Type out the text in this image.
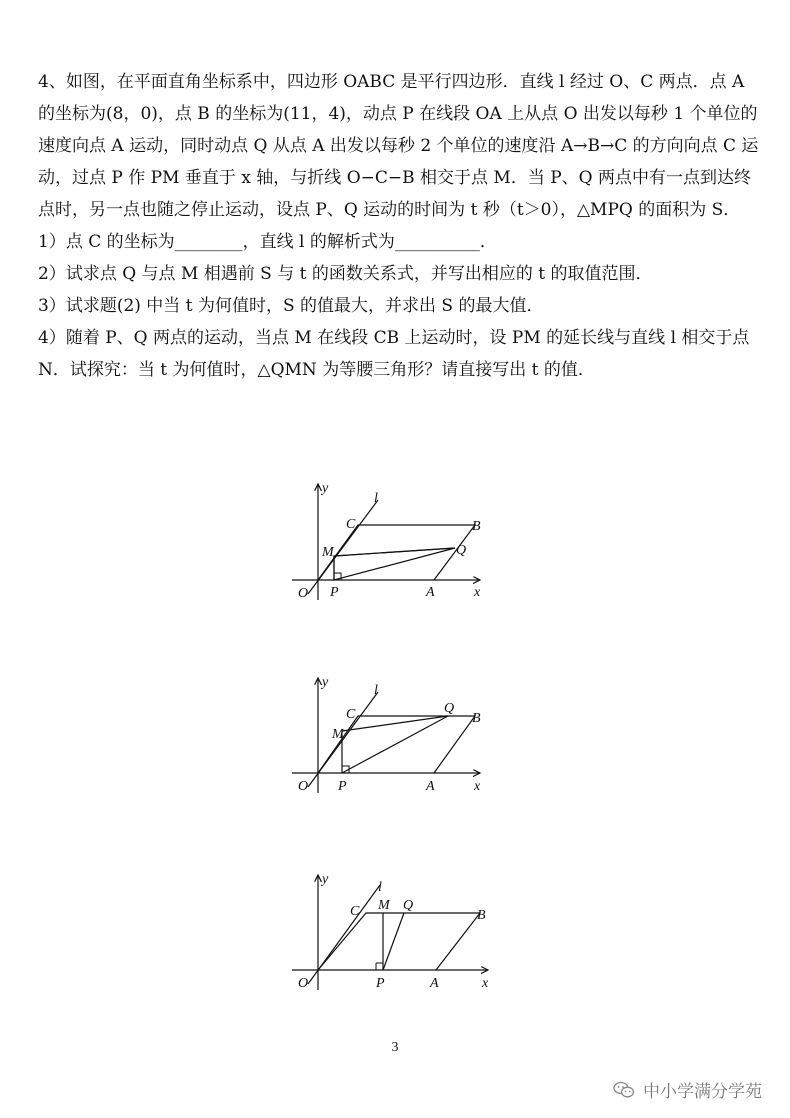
4、如图，在平面直角坐标系中，四边形 OABC 是平行四边形．直线 l 经过 O、C 两点．点 A 的坐标为(8，0)，点 B 的坐标为(11，4)，动点 P 在线段 OA 上从点 O 出发以每秒 1 个单位的速度向点 A 运动，同时动点 Q 从点 A 出发以每秒 2 个单位的速度沿 A→B→C 的方向向点 C 运动，过点 P 作 PM 垂直于 x 轴，与折线 O−C−B 相交于点 M．当 P、Q 两点中有一点到达终点时，另一点也随之停止运动，设点 P、Q 运动的时间为 t 秒（t＞0），△MPQ 的面积为 S．

1）点 C 的坐标为________，直线 l 的解析式为__________．

2）试求点 Q 与点 M 相遇前 S 与 t 的函数关系式，并写出相应的 t 的取值范围．

3）试求题(2) 中当 t 为何值时，S 的值最大，并求出 S 的最大值．

4）随着 P、Q 两点的运动，当点 M 在线段 CB 上运动时，设 PM 的延长线与直线 l 相交于点 N．试探究：当 t 为何值时，△QMN 为等腰三角形？请直接写出 t 的值．

y
l
C	B
M	Q
O P	A	x
y
l
C	Q
B
M
O P	A	x
y
l
C M Q
B
O	P	A	x
3
中小学满分学苑
